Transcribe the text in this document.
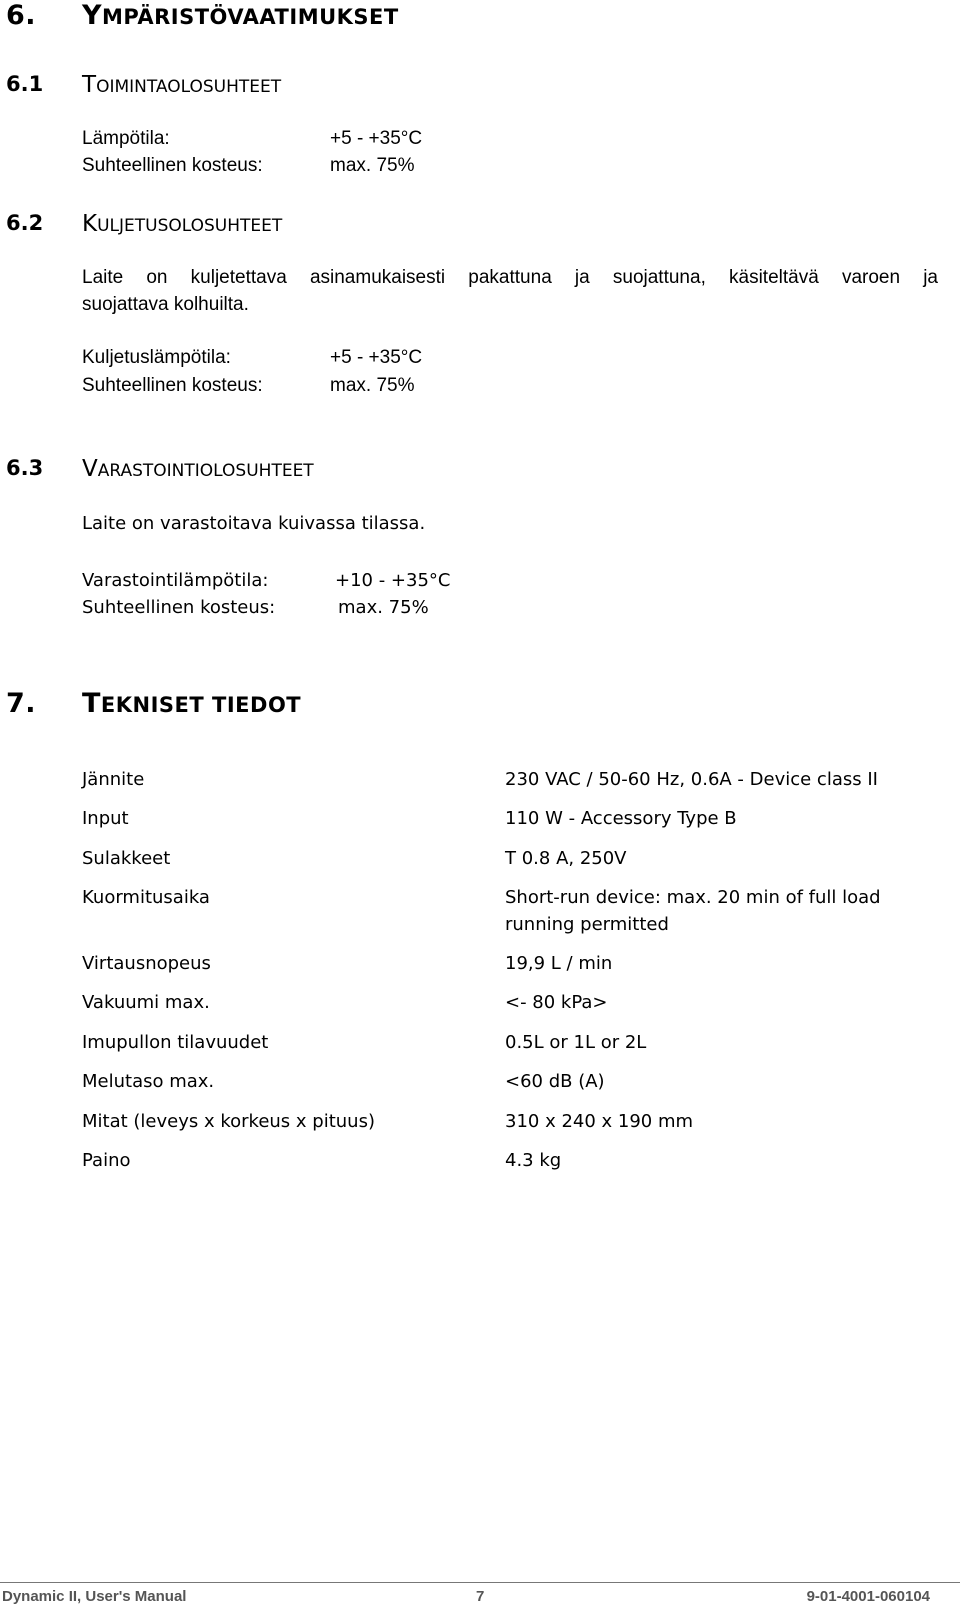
6. YMPÄRISTÖVAATIMUKSET
6.1 TOIMINTAOLOSUHTEET
Lämpötila:	+5 - +35°C
Suhteellinen kosteus:	max. 75%
6.2 KULJETUSOLOSUHTEET
Laite on kuljetettava asinamukaisesti pakattuna ja suojattuna, käsiteltävä varoen ja
suojattava kolhuilta.
Kuljetuslämpötila:	+5 - +35°C
Suhteellinen kosteus:	max. 75%
6.3 VARASTOINTIOLOSUHTEET
Laite on varastoitava kuivassa tilassa.
Varastointilämpötila:	+10 - +35°C
Suhteellinen kosteus:	max. 75%
7. TEKNISET TIEDOT
Jännite	230 VAC / 50-60 Hz, 0.6A - Device class II
Input	110 W - Accessory Type B
Sulakkeet	T 0.8 A, 250V
Kuormitusaika	Short-run device: max. 20 min of full load
running permitted
Virtausnopeus	19,9 L / min
Vakuumi max.	<- 80 kPa>
Imupullon tilavuudet	0.5L or 1L or 2L
Melutaso max.	<60 dB (A)
Mitat (leveys x korkeus x pituus)	310 x 240 x 190 mm
Paino	4.3 kg
Dynamic II, User's Manual	7	9-01-4001-060104
